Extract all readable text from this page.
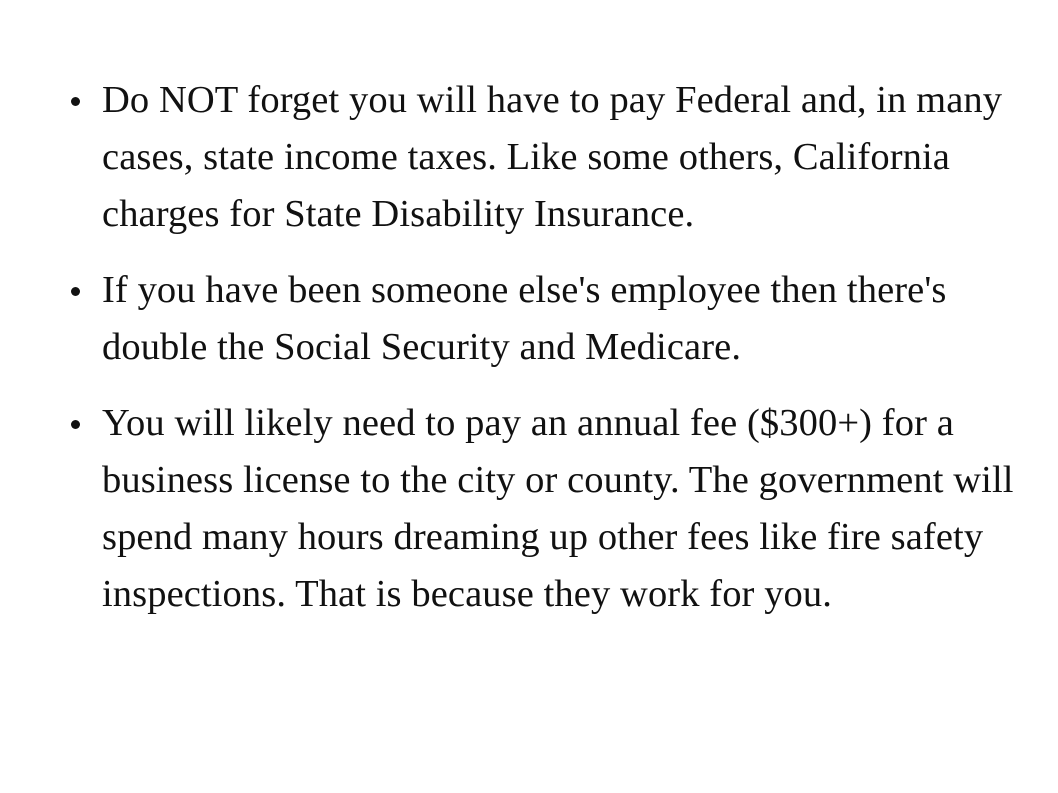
Do NOT forget you will have to pay Federal and, in many cases, state income taxes. Like some others, California charges for State Disability Insurance.
If you have been someone else's employee then there's double the Social Security and Medicare.
You will likely need to pay an annual fee ($300+) for a business license to the city or county. The government will spend many hours dreaming up other fees like fire safety inspections. That is because they work for you.
